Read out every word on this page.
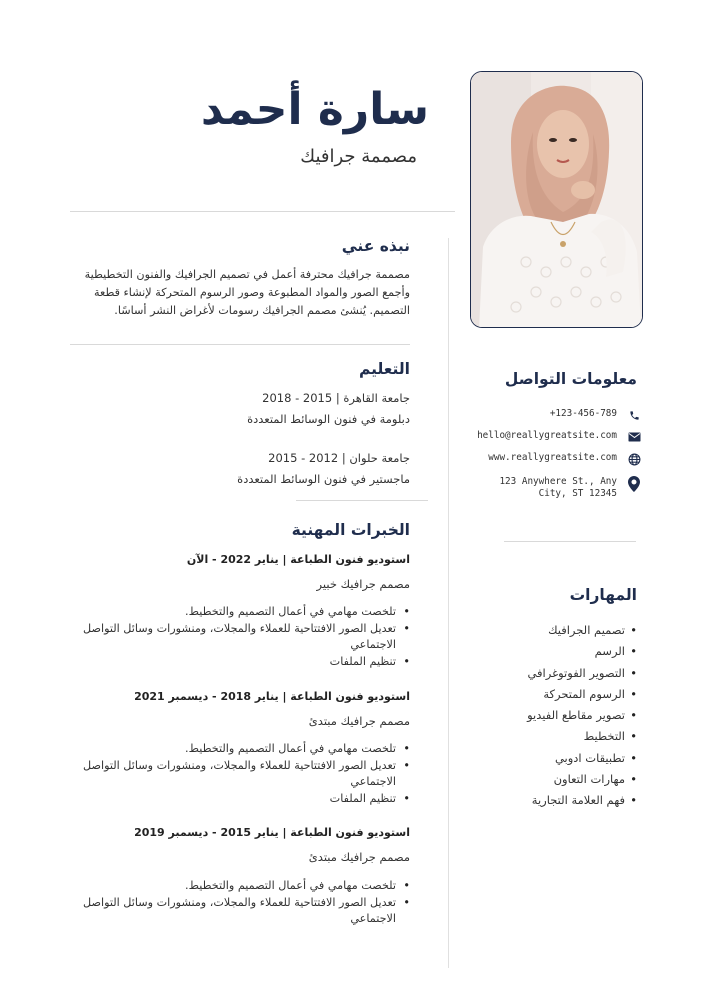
سارة أحمد
مصممة جرافيك
نبذه عني
مصممة جرافيك محترفة أعمل في تصميم الجرافيك والفنون التخطيطية وأجمع الصور والمواد المطبوعة وصور الرسوم المتحركة لإنشاء قطعة التصميم. يُنشئ مصمم الجرافيك رسومات لأغراض النشر أساسًا.
التعليم
جامعة القاهرة | 2015 - 2018
دبلومة في فنون الوسائط المتعددة
جامعة حلوان | 2012 - 2015
ماجستير في فنون الوسائط المتعددة
الخبرات المهنية
استوديو فنون الطباعة | يناير 2022 - الآن
مصمم جرافيك خبير
• تلخصت مهامي في أعمال التصميم والتخطيط.
• تعديل الصور الافتتاحية للعملاء والمجلات، ومنشورات وسائل التواصل الاجتماعي
• تنظيم الملفات
استوديو فنون الطباعة | يناير 2018 - ديسمبر 2021
مصمم جرافيك مبتدئ
• تلخصت مهامي في أعمال التصميم والتخطيط.
• تعديل الصور الافتتاحية للعملاء والمجلات، ومنشورات وسائل التواصل الاجتماعي
• تنظيم الملفات
استوديو فنون الطباعة | يناير 2015 - ديسمبر 2019
مصمم جرافيك مبتدئ
• تلخصت مهامي في أعمال التصميم والتخطيط.
• تعديل الصور الافتتاحية للعملاء والمجلات، ومنشورات وسائل التواصل الاجتماعي
معلومات التواصل
+123-456-789
hello@reallygreatsite.com
www.reallygreatsite.com
123 Anywhere St., Any
City, ST 12345
المهارات
• تصميم الجرافيك
• الرسم
• التصوير الفوتوغرافي
• الرسوم المتحركة
• تصوير مقاطع الفيديو
• التخطيط
• تطبيقات ادوبي
• مهارات التعاون
• فهم العلامة التجارية
